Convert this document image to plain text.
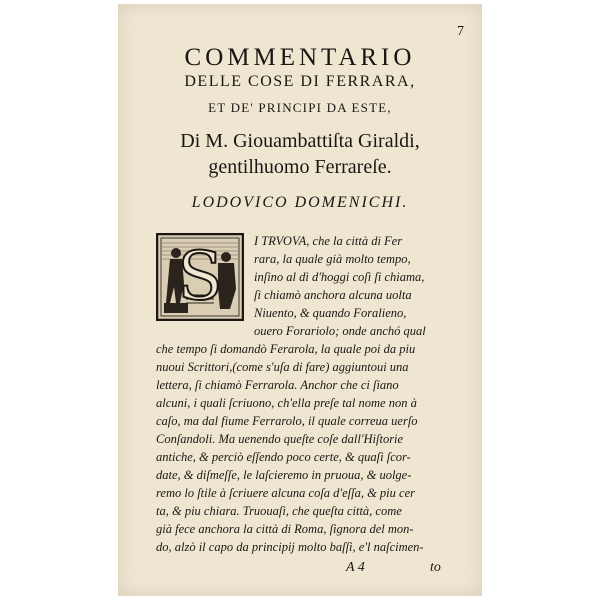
7
COMMENTARIO
DELLE COSE DI FERRARA,
ET DE' PRINCIPI DA ESTE,
Di M. Giouambattiſta Giraldi,
gentilhuomo Ferrareſe.
LODOVICO DOMENICHI.
S	I TRVOVA, che la città di Fer
rara, la quale già molto tempo,
inſino al dì d'hoggi coſì ſi chiama,
ſi chiamò anchora alcuna uolta
Niuento, & quando Foralieno,
ouero Forariolo; onde anchó qual
che tempo ſi domandò Ferarola, la quale poi da piu
nuoui Scrittori,(come s'uſa di fare) aggiuntoui una
lettera, ſi chiamò Ferrarola. Anchor che ci ſiano
alcuni, i quali ſcriuono, ch'ella preſe tal nome non à
caſo, ma dal fiume Ferrarolo, il quale correua uerſo
Conſandoli. Ma uenendo queſte coſe dall'Hiſtorie
antiche, & perciò eſſendo poco certe, & quaſi ſcor-
date, & diſmeſſe, le laſcieremo in pruoua, & uolge-
remo lo ſtile à ſcriuere alcuna coſa d'eſſa, & piu cer
ta, & piu chiara. Truouaſi, che queſta città, come
già fece anchora la città di Roma, ſignora del mon-
do, alzò il capo da principij molto baſſi, e'l naſcimen-
A 4	to
